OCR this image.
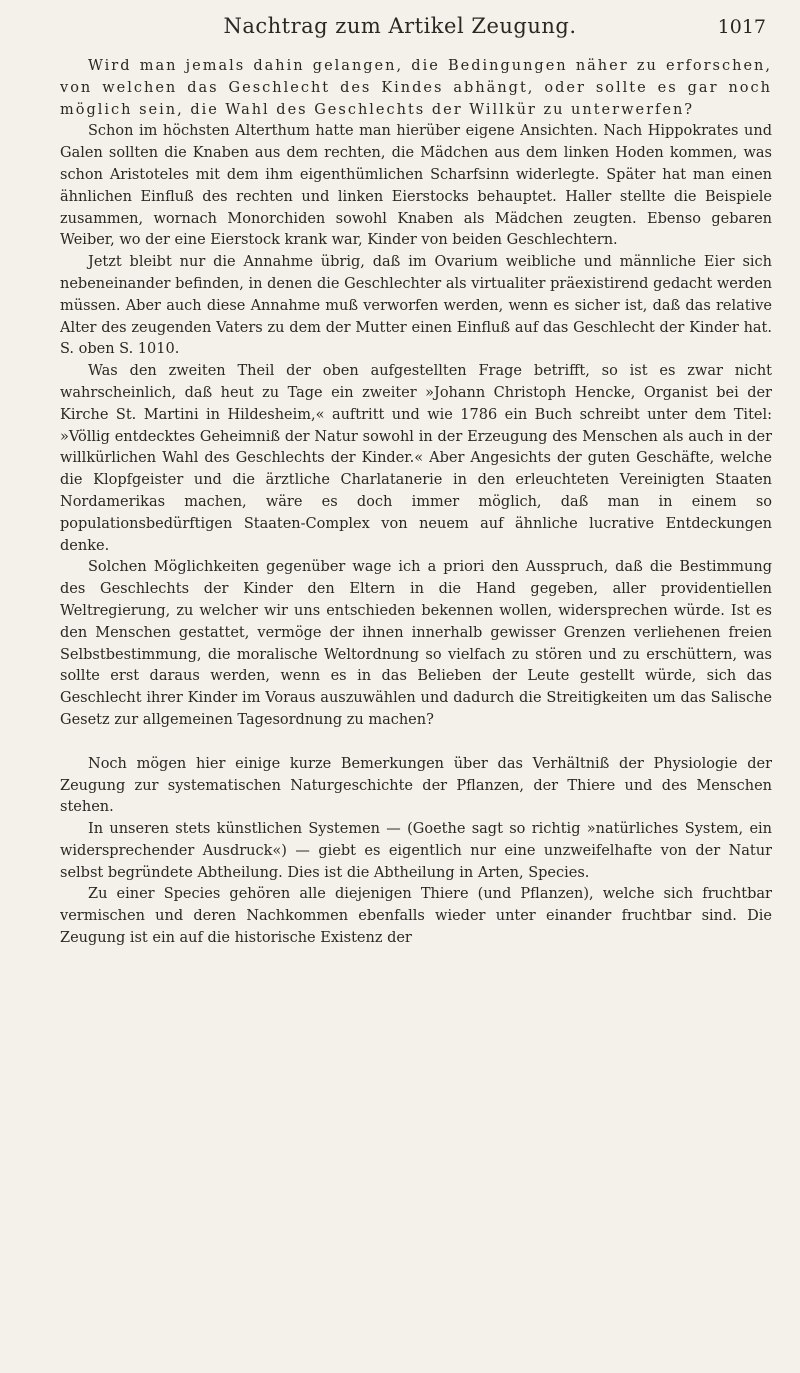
Nachtrag zum Artikel Zeugung.	1017

Wird man jemals dahin gelangen, die Bedingungen näher zu erforschen, von welchen das Geschlecht des Kindes abhängt, oder sollte es gar noch möglich sein, die Wahl des Geschlechts der Willkür zu unterwerfen?

Schon im höchsten Alterthum hatte man hierüber eigene Ansichten. Nach Hippokrates und Galen sollten die Knaben aus dem rechten, die Mädchen aus dem linken Hoden kommen, was schon Aristoteles mit dem ihm eigenthümlichen Scharfsinn widerlegte. Später hat man einen ähnlichen Einfluß des rechten und linken Eierstocks behauptet. Haller stellte die Beispiele zusammen, wornach Monorchiden sowohl Knaben als Mädchen zeugten. Ebenso gebaren Weiber, wo der eine Eierstock krank war, Kinder von beiden Geschlechtern.

Jetzt bleibt nur die Annahme übrig, daß im Ovarium weibliche und männliche Eier sich nebeneinander befinden, in denen die Geschlechter als virtualiter präexistirend gedacht werden müssen. Aber auch diese Annahme muß verworfen werden, wenn es sicher ist, daß das relative Alter des zeugenden Vaters zu dem der Mutter einen Einfluß auf das Geschlecht der Kinder hat. S. oben S. 1010.

Was den zweiten Theil der oben aufgestellten Frage betrifft, so ist es zwar nicht wahrscheinlich, daß heut zu Tage ein zweiter »Johann Christoph Hencke, Organist bei der Kirche St. Martini in Hildesheim,« auftritt und wie 1786 ein Buch schreibt unter dem Titel: »Völlig entdecktes Geheimniß der Natur sowohl in der Erzeugung des Menschen als auch in der willkürlichen Wahl des Geschlechts der Kinder.« Aber Angesichts der guten Geschäfte, welche die Klopfgeister und die ärztliche Charlatanerie in den erleuchteten Vereinigten Staaten Nordamerikas machen, wäre es doch immer möglich, daß man in einem so populationsbedürftigen Staaten-Complex von neuem auf ähnliche lucrative Entdeckungen denke.

Solchen Möglichkeiten gegenüber wage ich a priori den Ausspruch, daß die Bestimmung des Geschlechts der Kinder den Eltern in die Hand gegeben, aller providentiellen Weltregierung, zu welcher wir uns entschieden bekennen wollen, widersprechen würde. Ist es den Menschen gestattet, vermöge der ihnen innerhalb gewisser Grenzen verliehenen freien Selbstbestimmung, die moralische Weltordnung so vielfach zu stören und zu erschüttern, was sollte erst daraus werden, wenn es in das Belieben der Leute gestellt würde, sich das Geschlecht ihrer Kinder im Voraus auszuwählen und dadurch die Streitigkeiten um das Salische Gesetz zur allgemeinen Tagesordnung zu machen?

Noch mögen hier einige kurze Bemerkungen über das Verhältniß der Physiologie der Zeugung zur systematischen Naturgeschichte der Pflanzen, der Thiere und des Menschen stehen.

In unseren stets künstlichen Systemen — (Goethe sagt so richtig »natürliches System, ein widersprechender Ausdruck«) — giebt es eigentlich nur eine unzweifelhafte von der Natur selbst begründete Abtheilung. Dies ist die Abtheilung in Arten, Species.

Zu einer Species gehören alle diejenigen Thiere (und Pflanzen), welche sich fruchtbar vermischen und deren Nachkommen ebenfalls wieder unter einander fruchtbar sind. Die Zeugung ist ein auf die historische Existenz der
